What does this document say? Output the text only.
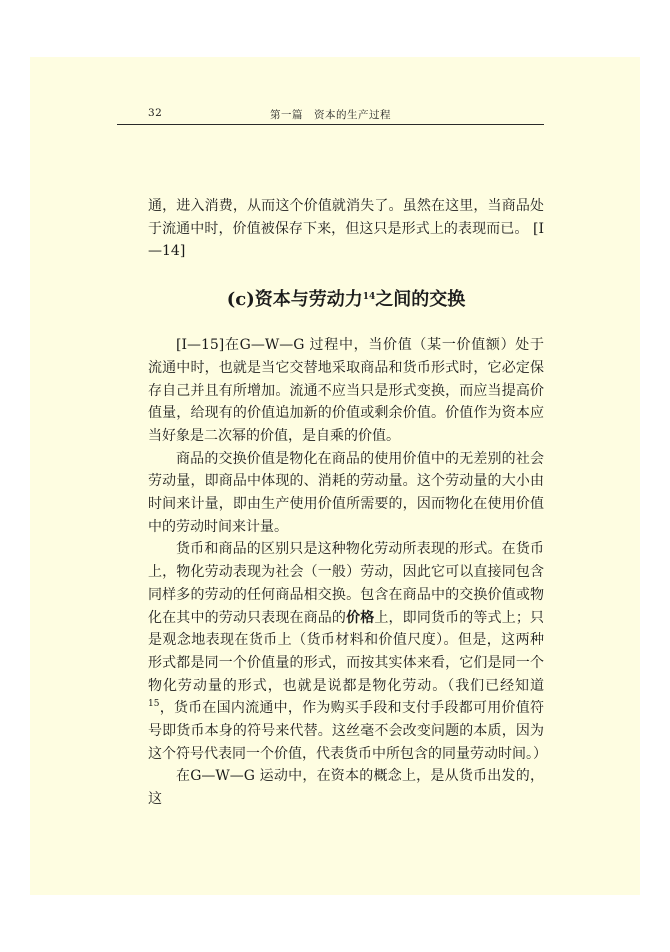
32	第一篇　资本的生产过程

通，进入消费，从而这个价值就消失了。虽然在这里，当商品处于流通中时，价值被保存下来，但这只是形式上的表现而已。 [I—14]

(c)资本与劳动力$^{14}$之间的交换

[I—15]在G—W—G 过程中，当价值（某一价值额）处于流通中时，也就是当它交替地采取商品和货币形式时，它必定保存自己并且有所增加。流通不应当只是形式变换，而应当提高价值量，给现有的价值追加新的价值或剩余价值。价值作为资本应当好象是二次幂的价值，是自乘的价值。

商品的交换价值是物化在商品的使用价值中的无差别的社会劳动量，即商品中体现的、消耗的劳动量。这个劳动量的大小由时间来计量，即由生产使用价值所需要的，因而物化在使用价值中的劳动时间来计量。

货币和商品的区别只是这种物化劳动所表现的形式。在货币上，物化劳动表现为社会（一般）劳动，因此它可以直接同包含同样多的劳动的任何商品相交换。包含在商品中的交换价值或物化在其中的劳动只表现在商品的价格上，即同货币的等式上；只是观念地表现在货币上（货币材料和价值尺度）。但是，这两种形式都是同一个价值量的形式，而按其实体来看，它们是同一个物化劳动量的形式，也就是说都是物化劳动。（我们已经知道$^{15}$，货币在国内流通中，作为购买手段和支付手段都可用价值符号即货币本身的符号来代替。这丝毫不会改变问题的本质，因为这个符号代表同一个价值，代表货币中所包含的同量劳动时间。）

在G—W—G 运动中，在资本的概念上，是从货币出发的，这
